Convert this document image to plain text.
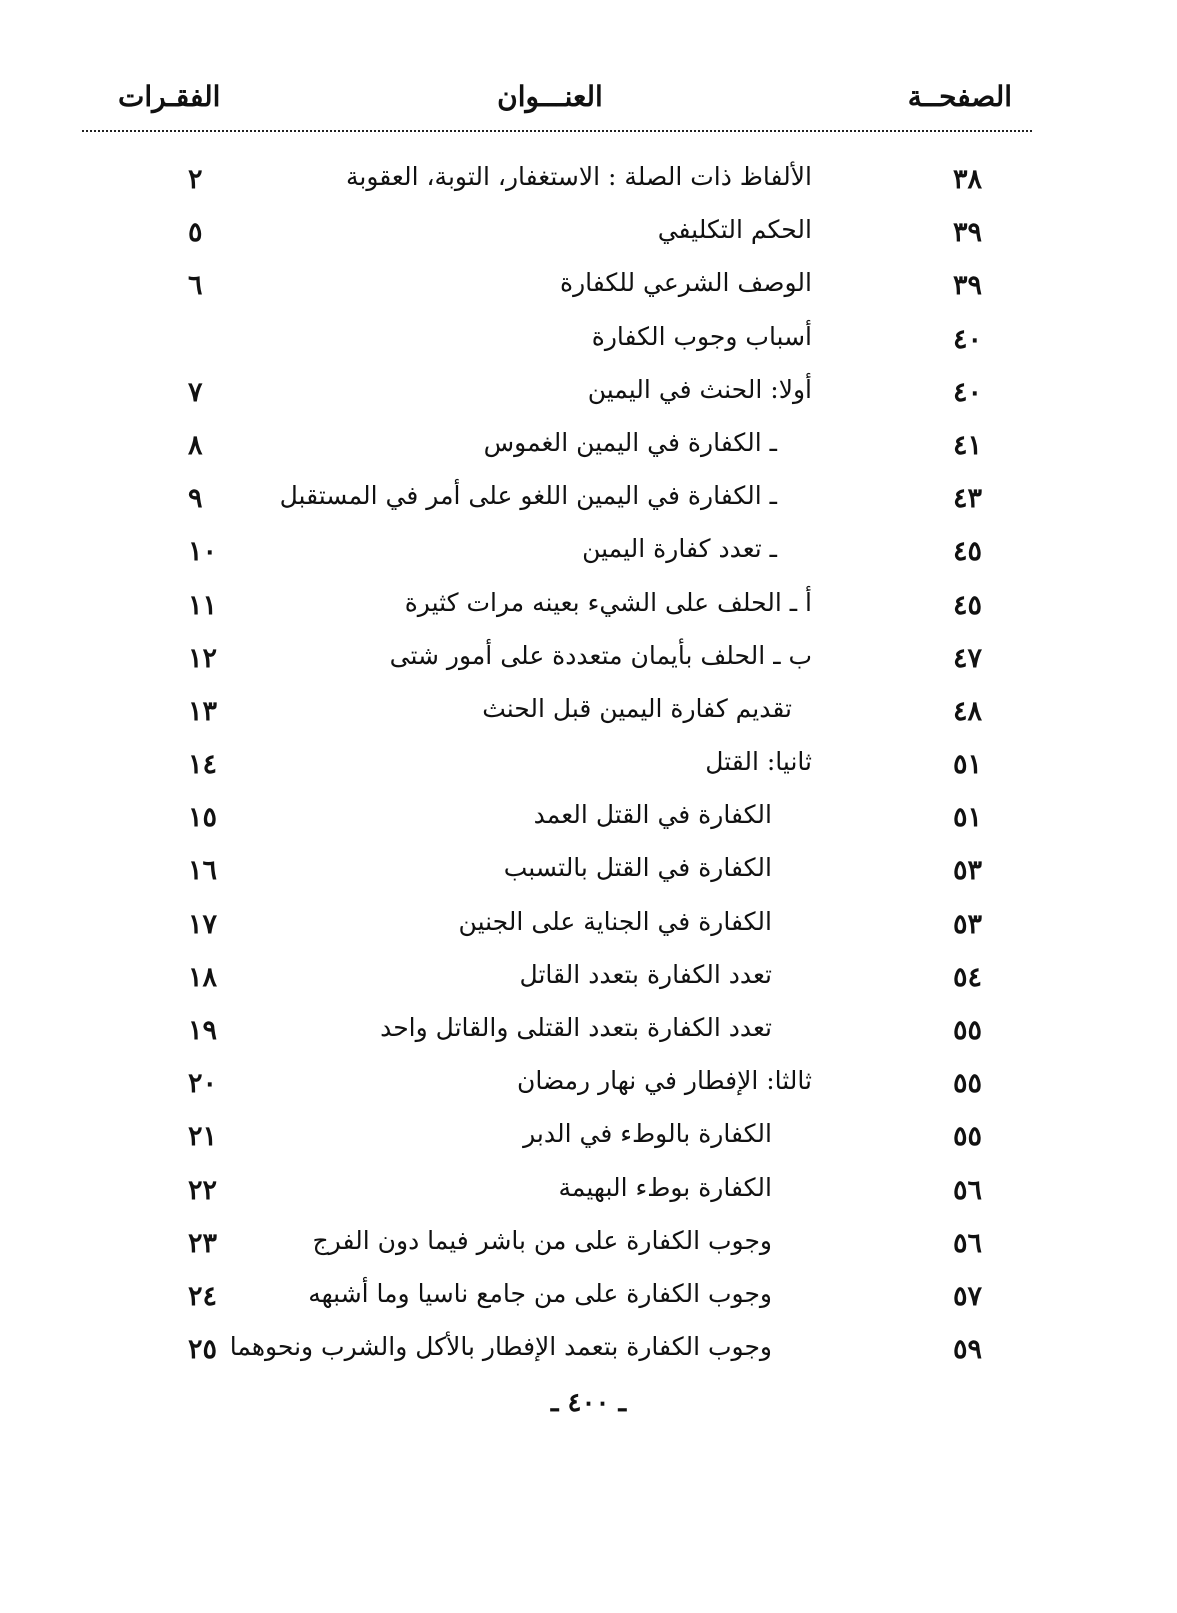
الصفحــة
العنـــوان
الفقـرات
٣٨
الألفاظ ذات الصلة : الاستغفار، التوبة، العقوبة
٢
٣٩
الحكم التكليفي
٥
٣٩
الوصف الشرعي للكفارة
٦
٤٠
أسباب وجوب الكفارة
٤٠
أولا: الحنث في اليمين
٧
٤١
ـ الكفارة في اليمين الغموس
٨
٤٣
ـ الكفارة في اليمين اللغو على أمر في المستقبل
٩
٤٥
ـ تعدد كفارة اليمين
١٠
٤٥
أ ـ الحلف على الشيء بعينه مرات كثيرة
١١
٤٧
ب ـ الحلف بأيمان متعددة على أمور شتى
١٢
٤٨
تقديم كفارة اليمين قبل الحنث
١٣
٥١
ثانيا: القتل
١٤
٥١
الكفارة في القتل العمد
١٥
٥٣
الكفارة في القتل بالتسبب
١٦
٥٣
الكفارة في الجناية على الجنين
١٧
٥٤
تعدد الكفارة بتعدد القاتل
١٨
٥٥
تعدد الكفارة بتعدد القتلى والقاتل واحد
١٩
٥٥
ثالثا: الإفطار في نهار رمضان
٢٠
٥٥
الكفارة بالوطء في الدبر
٢١
٥٦
الكفارة بوطء البهيمة
٢٢
٥٦
وجوب الكفارة على من باشر فيما دون الفرج
٢٣
٥٧
وجوب الكفارة على من جامع ناسيا وما أشبهه
٢٤
٥٩
وجوب الكفارة بتعمد الإفطار بالأكل والشرب ونحوهما
٢٥
ـ ٤٠٠ ـ
